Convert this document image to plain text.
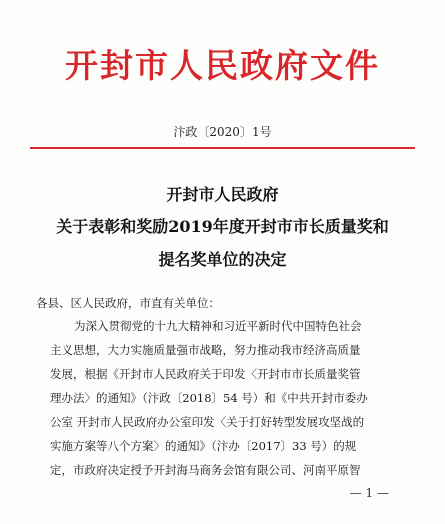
开封市人民政府文件
汴政〔2020〕1号
开封市人民政府
关于表彰和奖励2019年度开封市市长质量奖和
提名奖单位的决定
各县、区人民政府，市直有关单位：
为深入贯彻党的十九大精神和习近平新时代中国特色社会
主义思想，大力实施质量强市战略，努力推动我市经济高质量
发展，根据《开封市人民政府关于印发〈开封市市长质量奖管
理办法〉的通知》（汴政〔2018〕54 号）和《中共开封市委办
公室 开封市人民政府办公室印发〈关于打好转型发展攻坚战的
实施方案等八个方案〉的通知》（汴办〔2017〕33 号）的规
定，市政府决定授予开封海马商务会馆有限公司、河南平原智
— 1 —
